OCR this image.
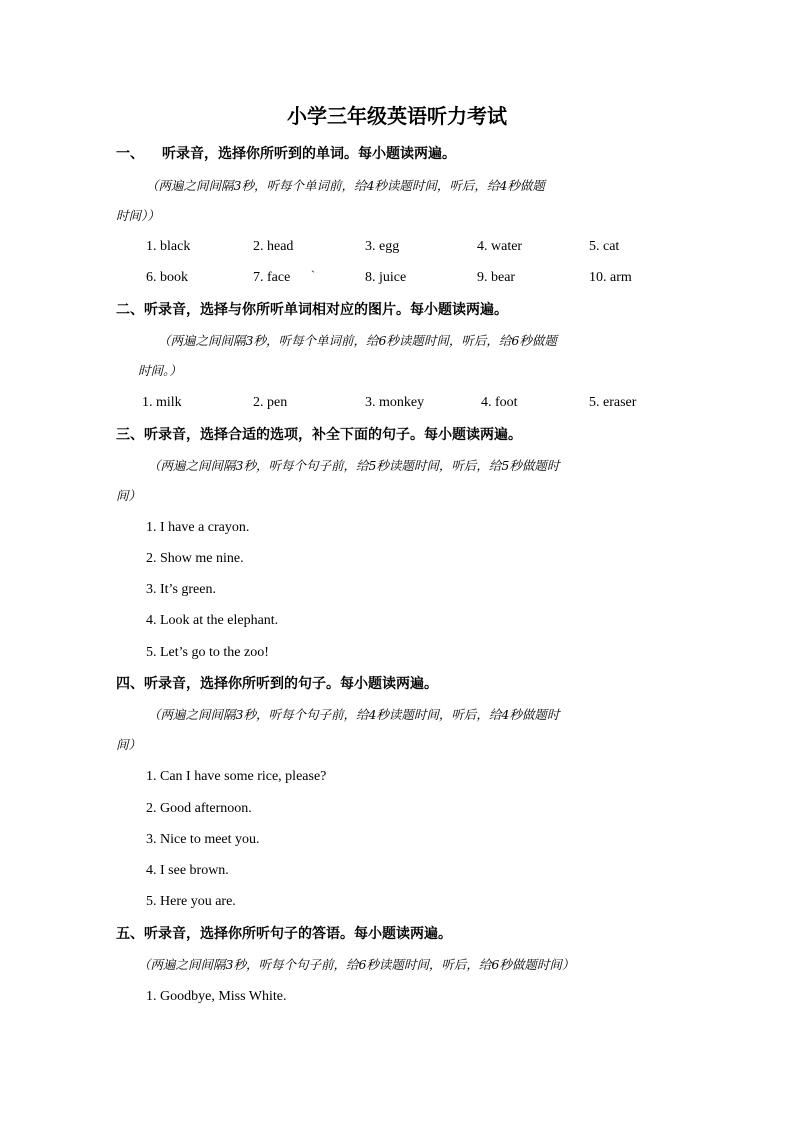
小学三年级英语听力考试
一、 听录音，选择你所听到的单词。每小题读两遍。
（两遍之间间隔3秒，听每个单词前，给4秒读题时间，听后，给4秒做题
时间））
1. black	2. head	3. egg	4. water	5. cat
6. book	7. face `	8. juice	9. bear	10. arm
二、听录音，选择与你所听单词相对应的图片。每小题读两遍。
（两遍之间间隔3秒，听每个单词前，给6秒读题时间，听后，给6秒做题
时间。）
1. milk	2. pen	3. monkey	4. foot	5. eraser
三、听录音，选择合适的选项，补全下面的句子。每小题读两遍。
（两遍之间间隔3秒，听每个句子前，给5秒读题时间，听后，给5秒做题时
间）
1. I have a crayon.
2. Show me nine.
3. It’s green.
4. Look at the elephant.
5. Let’s go to the zoo!
四、听录音，选择你所听到的句子。每小题读两遍。
（两遍之间间隔3秒，听每个句子前，给4秒读题时间，听后，给4秒做题时
间）
1. Can I have some rice, please?
2. Good afternoon.
3. Nice to meet you.
4. I see brown.
5. Here you are.
五、听录音，选择你所听句子的答语。每小题读两遍。
（两遍之间间隔3秒，听每个句子前，给6秒读题时间，听后，给6秒做题时间）
1. Goodbye, Miss White.
